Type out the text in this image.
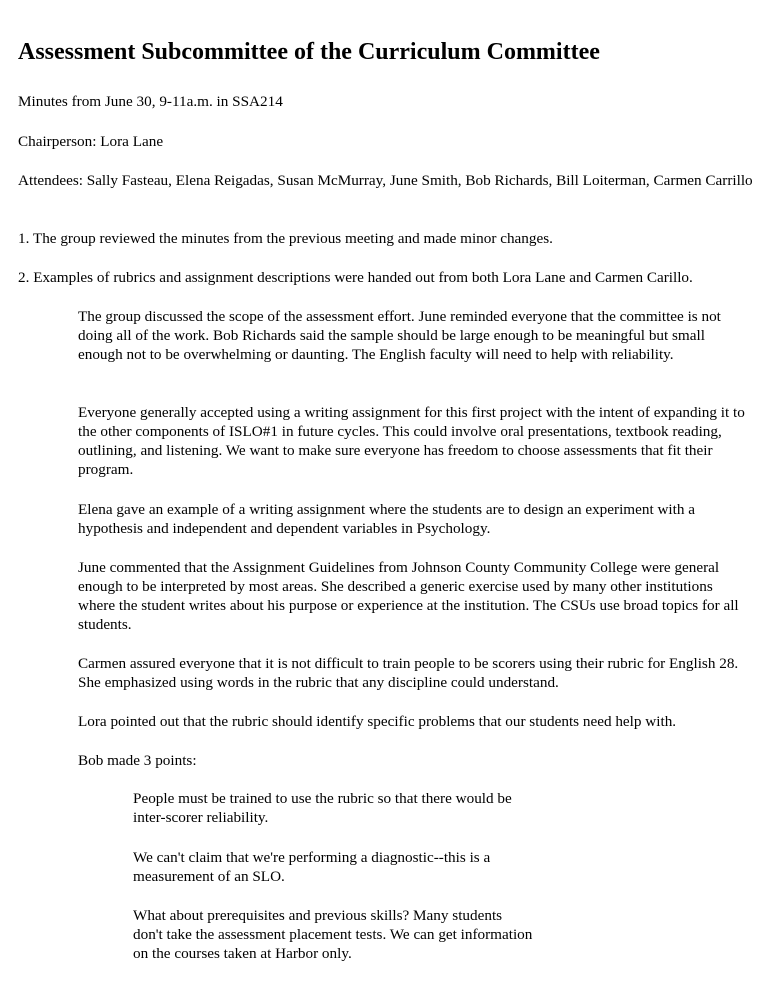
Assessment Subcommittee of the Curriculum Committee

Minutes from June 30, 9-11a.m. in SSA214

Chairperson: Lora Lane

Attendees: Sally Fasteau, Elena Reigadas, Susan McMurray, June Smith, Bob Richards, Bill Loiterman, Carmen Carrillo

1. The group reviewed the minutes from the previous meeting and made minor changes.

2. Examples of rubrics and assignment descriptions were handed out from both Lora Lane and Carmen Carillo.

The group discussed the scope of the assessment effort. June reminded everyone that the committee is not doing all of the work. Bob Richards said the sample should be large enough to be meaningful but small enough not to be overwhelming or daunting. The English faculty will need to help with reliability.

Everyone generally accepted using a writing assignment for this first project with the intent of expanding it to the other components of ISLO#1 in future cycles. This could involve oral presentations, textbook reading, outlining, and listening. We want to make sure everyone has freedom to choose assessments that fit their program.

Elena gave an example of a writing assignment where the students are to design an experiment with a hypothesis and independent and dependent variables in Psychology.

June commented that the Assignment Guidelines from Johnson County Community College were general enough to be interpreted by most areas. She described a generic exercise used by many other institutions where the student writes about his purpose or experience at the institution. The CSUs use broad topics for all students.

Carmen assured everyone that it is not difficult to train people to be scorers using their rubric for English 28. She emphasized using words in the rubric that any discipline could understand.

Lora pointed out that the rubric should identify specific problems that our students need help with.

Bob made 3 points:

People must be trained to use the rubric so that there would be inter-scorer reliability.

We can't claim that we're performing a diagnostic--this is a measurement of an SLO.

What about prerequisites and previous skills? Many students don't take the assessment placement tests. We can get information on the courses taken at Harbor only.
